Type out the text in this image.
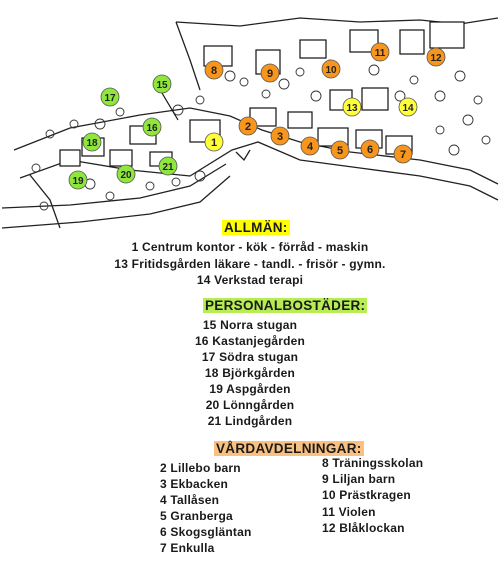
1
2
3
4 5 6 7
8	9	10
11	12
13	14
15
16
17
18
19
20
21
ALLMÄN:
1 Centrum kontor - kök - förråd - maskin
13 Fritidsgården läkare - tandl. - frisör - gymn.
14 Verkstad terapi
PERSONALBOSTÄDER:
15 Norra stugan
16 Kastanjegården
17 Södra stugan
18 Björkgården
19 Aspgården
20 Lönngården
21 Lindgården
VÅRDAVDELNINGAR:
2 Lillebo barn
3 Ekbacken
4 Tallåsen
5 Granberga
6 Skogsgläntan
7 Enkulla
8 Träningsskolan
9 Liljan barn
10 Prästkragen
11 Violen
12 Blåklockan
